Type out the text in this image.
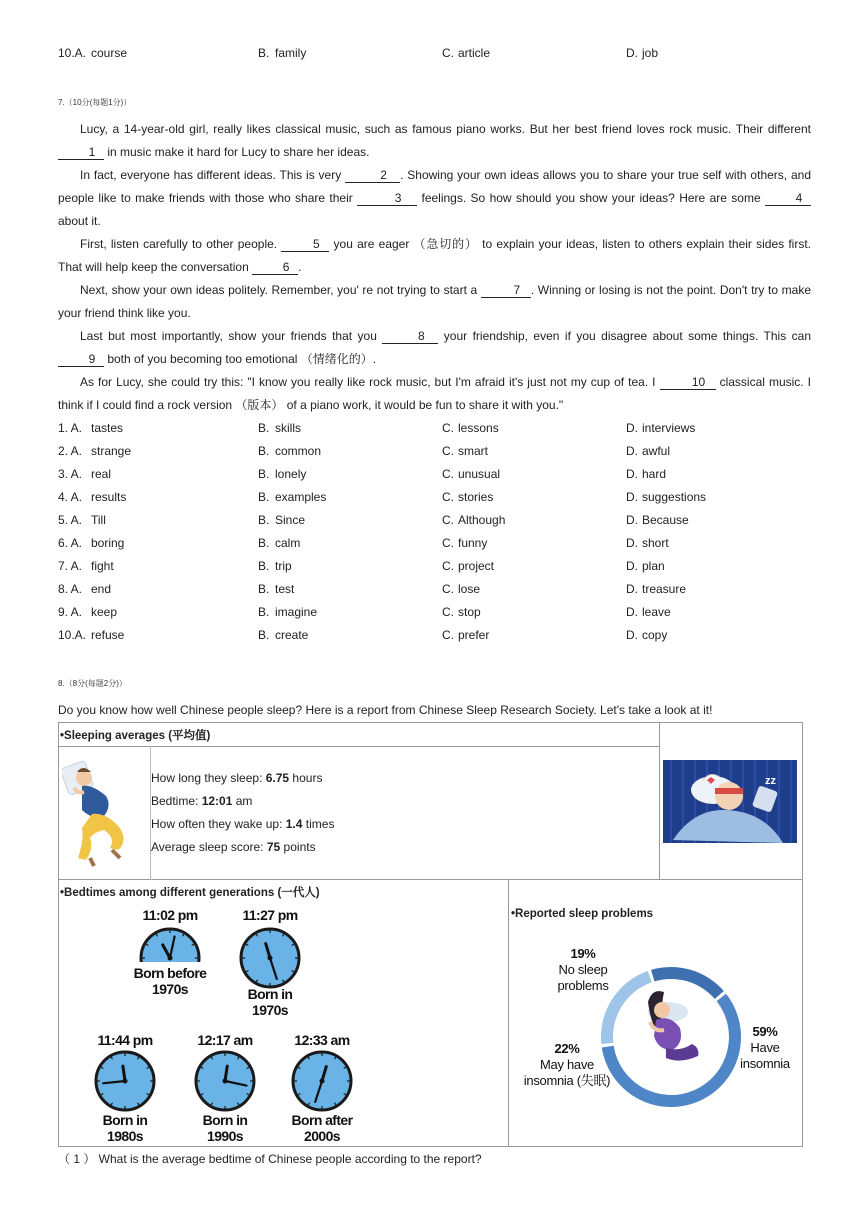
10.A. course	B. family	C. article	D. job
7.（10分(每题1分)）
Lucy, a 14-year-old girl, really likes classical music, such as famous piano works. But her best friend loves rock music. Their different1 in music make it hard for Lucy to share her ideas.
In fact, everyone has different ideas. This is very	2 . Showing your own ideas allows you to share your true self with others, and people like to make friends with those who share their	3 feelings. So how should you show your ideas? Here are some	4 about it.
First, listen carefully to other people.	5 you are eager （急切的） to explain your ideas, listen to others explain their sides first. That will help keep the conversation	6 .
Next, show your own ideas politely. Remember, you' re not trying to start a	7 . Winning or losing is not the point. Don't try to make your friend think like you.
Last but most importantly, show your friends that you	8 your friendship, even if you disagree about some things. This can 9 both of you becoming too emotional （情绪化的）.
As for Lucy, she could try this: "I know you really like rock music, but I'm afraid it's just not my cup of tea. I	10 classical music. I think if I could find a rock version （版本） of a piano work, it would be fun to share it with you."
1. A. tastes	B. skills	C. lessons	D. interviews
2. A. strange	B. common	C. smart	D. awful
3. A. real	B. lonely	C. unusual	D. hard
4. A. results	B. examples	C. stories	D. suggestions
5. A. Till	B. Since	C. Although	D. Because
6. A. boring	B. calm	C. funny	D. short
7. A. fight	B. trip	C. project	D. plan
8. A. end	B. test	C. lose	D. treasure
9. A. keep	B. imagine	C. stop	D. leave
10.A. refuse	B. create	C. prefer	D. copy
8.（8分(每题2分)）
Do you know how well Chinese people sleep? Here is a report from Chinese Sleep Research Society. Let's take a look at it!
•Sleeping averages (平均值)
How long they sleep: 6.75 hours
Bedtime: 12:01 am
How often they wake up: 1.4 times
Average sleep score: 75 points
zz
•Bedtimes among different generations (一代人)
11:02 pm
Born before
1970s
11:27 pm
Born in
1970s
11:44 pm
Born in
1980s
12:17 am
Born in
1990s
12:33 am
Born after
2000s
•Reported sleep problems
19%
No sleep
problems
59%
Have
insomnia
22%
May have
insomnia (失眠)
（ 1 ） What is the average bedtime of Chinese people according to the report?
